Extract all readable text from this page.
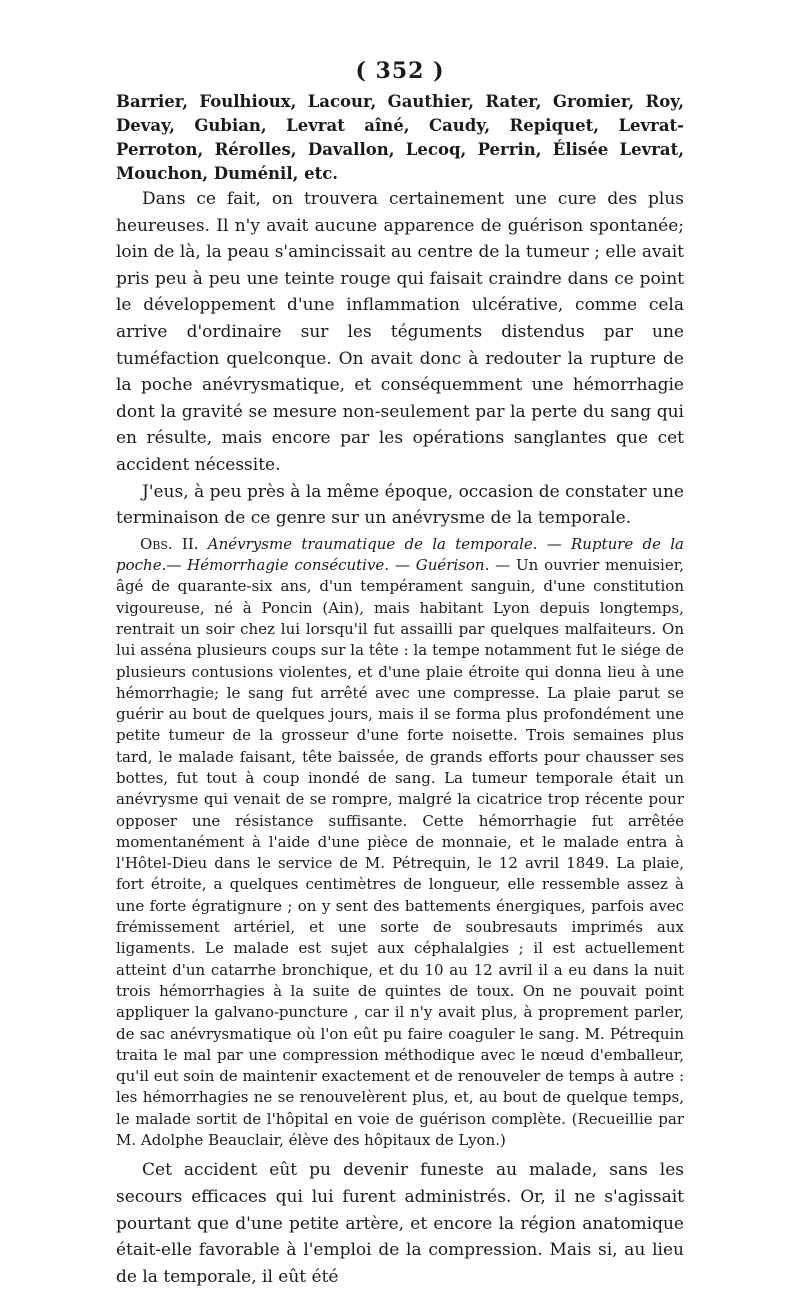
( 352 )

Barrier, Foulhioux, Lacour, Gauthier, Rater, Gromier, Roy, Devay, Gubian, Levrat aîné, Caudy, Repiquet, Levrat-Perroton, Rérolles, Davallon, Lecoq, Perrin, Élisée Levrat, Mouchon, Duménil, etc.

Dans ce fait, on trouvera certainement une cure des plus heureuses. Il n'y avait aucune apparence de guérison spontanée; loin de là, la peau s'amincissait au centre de la tumeur ; elle avait pris peu à peu une teinte rouge qui faisait craindre dans ce point le développement d'une inflammation ulcérative, comme cela arrive d'ordinaire sur les téguments distendus par une tuméfaction quelconque. On avait donc à redouter la rupture de la poche anévrysmatique, et conséquemment une hémorrhagie dont la gravité se mesure non-seulement par la perte du sang qui en résulte, mais encore par les opérations sanglantes que cet accident nécessite.

J'eus, à peu près à la même époque, occasion de constater une terminaison de ce genre sur un anévrysme de la temporale.

Obs. II. Anévrysme traumatique de la temporale. — Rupture de la poche.— Hémorrhagie consécutive. — Guérison. — Un ouvrier menuisier, âgé de quarante-six ans, d'un tempérament sanguin, d'une constitution vigoureuse, né à Poncin (Ain), mais habitant Lyon depuis longtemps, rentrait un soir chez lui lorsqu'il fut assailli par quelques malfaiteurs. On lui asséna plusieurs coups sur la tête : la tempe notamment fut le siége de plusieurs contusions violentes, et d'une plaie étroite qui donna lieu à une hémorrhagie; le sang fut arrêté avec une compresse. La plaie parut se guérir au bout de quelques jours, mais il se forma plus profondément une petite tumeur de la grosseur d'une forte noisette. Trois semaines plus tard, le malade faisant, tête baissée, de grands efforts pour chausser ses bottes, fut tout à coup inondé de sang. La tumeur temporale était un anévrysme qui venait de se rompre, malgré la cicatrice trop récente pour opposer une résistance suffisante. Cette hémorrhagie fut arrêtée momentanément à l'aide d'une pièce de monnaie, et le malade entra à l'Hôtel-Dieu dans le service de M. Pétrequin, le 12 avril 1849. La plaie, fort étroite, a quelques centimètres de longueur, elle ressemble assez à une forte égratignure ; on y sent des battements énergiques, parfois avec frémissement artériel, et une sorte de soubresauts imprimés aux ligaments. Le malade est sujet aux céphalalgies ; il est actuellement atteint d'un catarrhe bronchique, et du 10 au 12 avril il a eu dans la nuit trois hémorrhagies à la suite de quintes de toux. On ne pouvait point appliquer la galvano-puncture , car il n'y avait plus, à proprement parler, de sac anévrysmatique où l'on eût pu faire coaguler le sang. M. Pétrequin traita le mal par une compression méthodique avec le nœud d'emballeur, qu'il eut soin de maintenir exactement et de renouveler de temps à autre : les hémorrhagies ne se renouvelèrent plus, et, au bout de quelque temps, le malade sortit de l'hôpital en voie de guérison complète. (Recueillie par M. Adolphe Beauclair, élève des hôpitaux de Lyon.)

Cet accident eût pu devenir funeste au malade, sans les secours efficaces qui lui furent administrés. Or, il ne s'agissait pourtant que d'une petite artère, et encore la région anatomique était-elle favorable à l'emploi de la compression. Mais si, au lieu de la temporale, il eût été
